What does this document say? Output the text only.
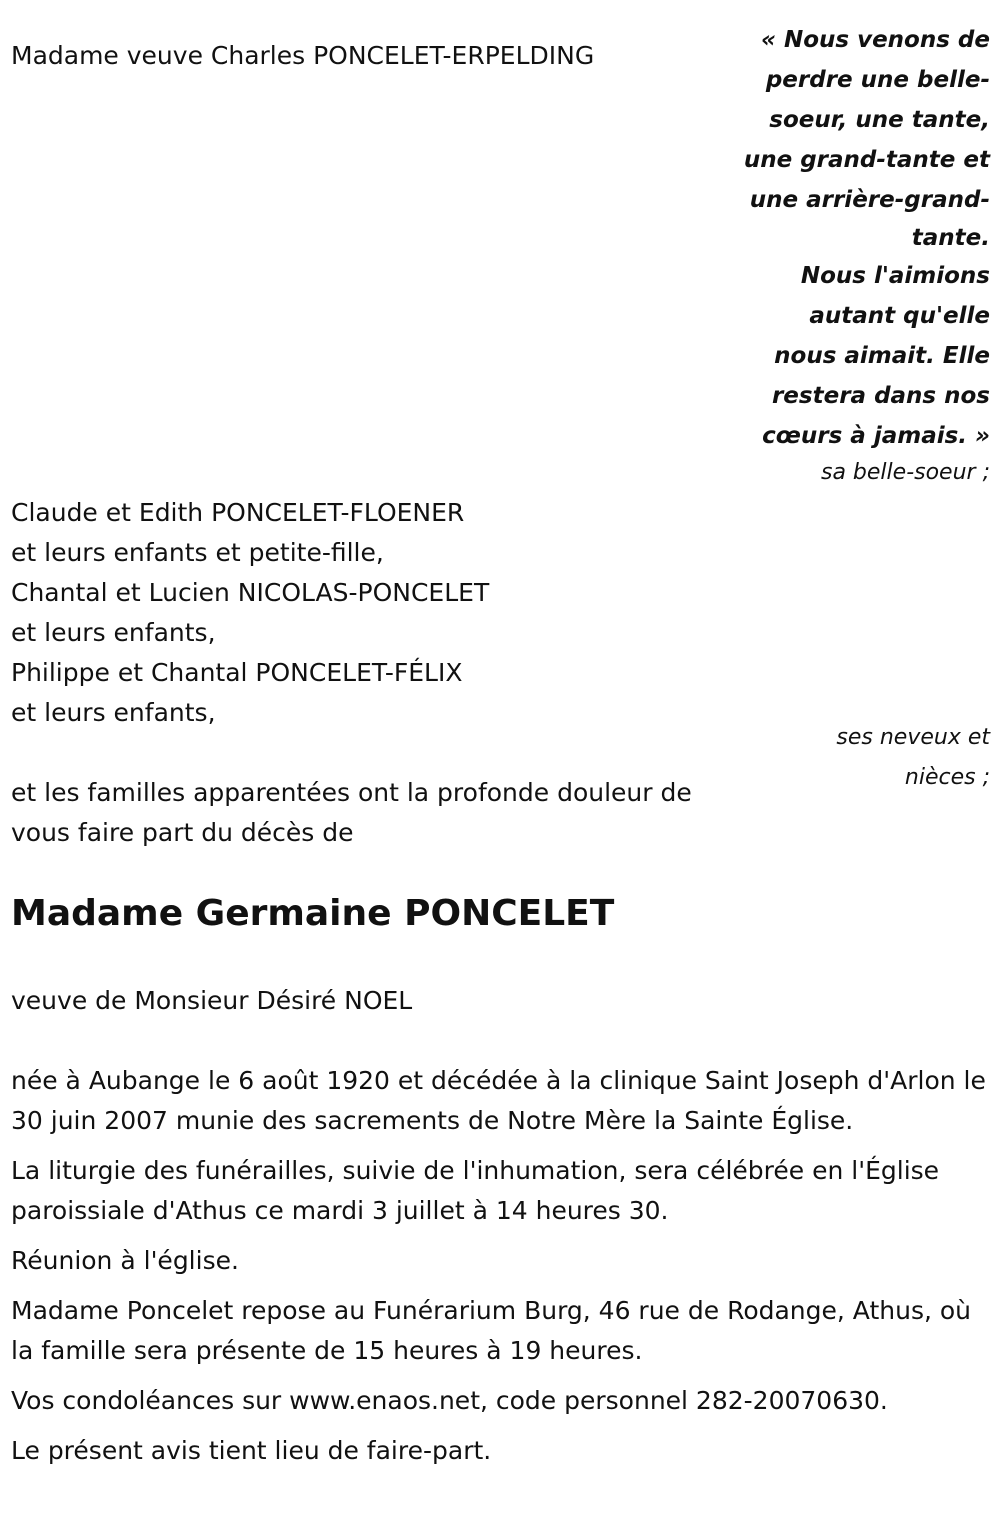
Madame veuve Charles PONCELET-ERPELDING

« Nous venons de
perdre une belle-
soeur, une tante,
une grand-tante et
une arrière-grand-
tante.
Nous l'aimions
autant qu'elle
nous aimait. Elle
restera dans nos
cœurs à jamais. »

sa belle-soeur ;

Claude et Edith PONCELET-FLOENER

et leurs enfants et petite-fille,

Chantal et Lucien NICOLAS-PONCELET

et leurs enfants,

Philippe et Chantal PONCELET-FÉLIX

et leurs enfants,

ses neveux et
nièces ;

et les familles apparentées ont la profonde douleur de

vous faire part du décès de

Madame Germaine PONCELET

veuve de Monsieur Désiré NOEL

née à Aubange le 6 août 1920 et décédée à la clinique Saint Joseph d'Arlon le 30 juin 2007 munie des sacrements de Notre Mère la Sainte Église.

La liturgie des funérailles, suivie de l'inhumation, sera célébrée en l'Église paroissiale d'Athus ce mardi 3 juillet à 14 heures 30.

Réunion à l'église.

Madame Poncelet repose au Funérarium Burg, 46 rue de Rodange, Athus, où la famille sera présente de 15 heures à 19 heures.

Vos condoléances sur www.enaos.net, code personnel 282-20070630.

Le présent avis tient lieu de faire-part.
